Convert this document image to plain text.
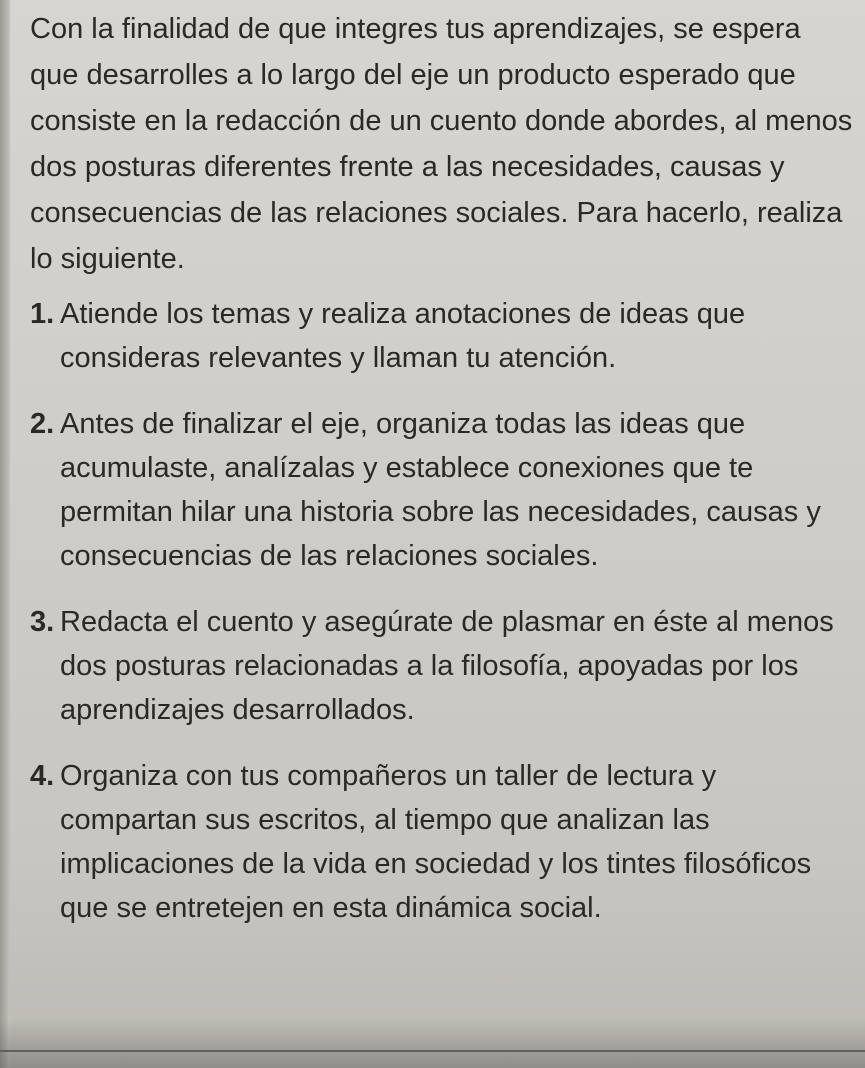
Con la finalidad de que integres tus aprendizajes, se espera que desarrolles a lo largo del eje un producto esperado que consiste en la redacción de un cuento donde abordes, al menos dos posturas diferentes frente a las necesidades, causas y consecuencias de las relaciones sociales. Para hacerlo, realiza lo siguiente.

1. Atiende los temas y realiza anotaciones de ideas que consideras relevantes y llaman tu atención.
2. Antes de finalizar el eje, organiza todas las ideas que acumulaste, analízalas y establece conexiones que te permitan hilar una historia sobre las necesidades, causas y consecuencias de las relaciones sociales.
3. Redacta el cuento y asegúrate de plasmar en éste al menos dos posturas relacionadas a la filosofía, apoyadas por los aprendizajes desarrollados.
4. Organiza con tus compañeros un taller de lectura y compartan sus escritos, al tiempo que analizan las implicaciones de la vida en sociedad y los tintes filosóficos que se entretejen en esta dinámica social.
